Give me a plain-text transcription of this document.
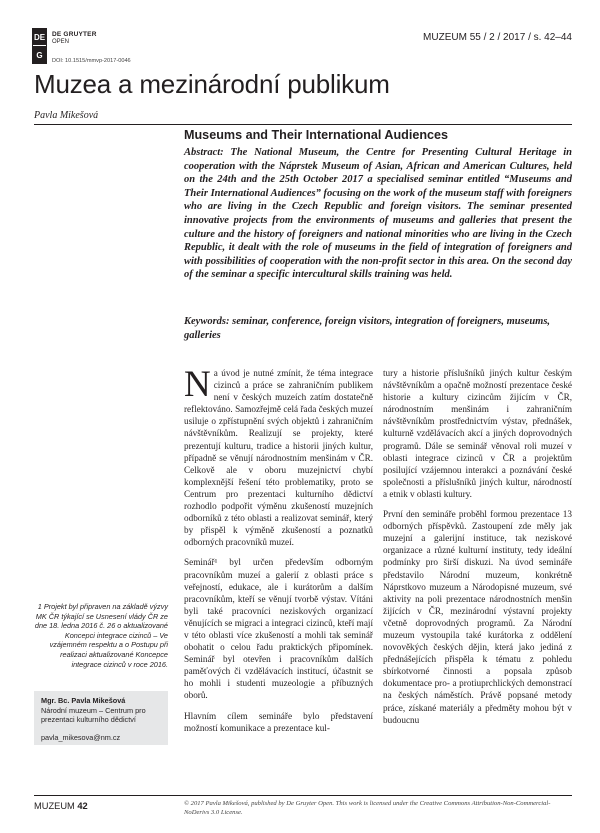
DE
G
DE GRUYTER
OPEN
DOI: 10.1515/mmvp-2017-0046
MUZEUM 55 / 2 / 2017 / s. 42–44
Muzea a mezinárodní publikum
Pavla Mikešová
Museums and Their International Audiences

Abstract: The National Museum, the Centre for Presenting Cultural Heritage in cooperation with the Náprstek Museum of Asian, African and American Cultures, held on the 24th and the 25th October 2017 a specialised seminar entitled “Museums and Their International Audiences” focusing on the work of the museum staff with foreigners who are living in the Czech Republic and foreign visitors. The seminar presented innovative projects from the environments of museums and galleries that present the culture and the history of foreigners and national minorities who are living in the Czech Republic, it dealt with the role of museums in the field of integration of foreigners and with possibilities of cooperation with the non-profit sector in this area. On the second day of the seminar a specific intercultural skills training was held.

Keywords: seminar, conference, foreign visitors, integration of foreigners, museums, galleries

Na úvod je nutné zmínit, že téma integrace cizinců a práce se zahraničním publikem není v českých muzeích zatím dostatečně reflektováno. Samozřejmě celá řada českých muzeí usiluje o zpřístupnění svých objektů i zahraničním návštěvníkům. Realizují se projekty, které prezentují kulturu, tradice a historii jiných kultur, případně se věnují národnostním menšinám v ČR. Celkově ale v oboru muzejnictví chybí komplexnější řešení této problematiky, proto se Centrum pro prezentaci kulturního dědictví rozhodlo podpořit výměnu zkušeností muzejních odborníků z této oblasti a realizovat seminář, který by přispěl k výměně zkušeností a poznatků odborných pracovníků muzeí.

Seminář¹ byl určen především odborným pracovníkům muzeí a galerií z oblasti práce s veřejností, edukace, ale i kurátorům a dalším pracovníkům, kteří se věnují tvorbě výstav. Vítáni byli také pracovníci neziskových organizací věnujících se migraci a integraci cizinců, kteří mají v této oblasti více zkušeností a mohli tak seminář obohatit o celou řadu praktických připomínek. Seminář byl otevřen i pracovníkům dalších paměťových či vzdělávacích institucí, účastnit se ho mohli i studenti muzeologie a příbuzných oborů.

Hlavním cílem semináře bylo představení možností komunikace a prezentace kul-

tury a historie příslušníků jiných kultur českým návštěvníkům a opačně možností prezentace české historie a kultury cizincům žijícím v ČR, národnostním menšinám i zahraničním návštěvníkům prostřednictvím výstav, přednášek, kulturně vzdělávacích akcí a jiných doprovodných programů. Dále se seminář věnoval roli muzeí v oblasti integrace cizinců v ČR a projektům posilující vzájemnou interakci a poznávání české společnosti a příslušníků jiných kultur, národností a etnik v oblasti kultury.

První den semináře proběhl formou prezentace 13 odborných příspěvků. Zastoupení zde měly jak muzejní a galerijní instituce, tak neziskové organizace a různé kulturní instituty, tedy ideální podmínky pro širší diskuzi. Na úvod semináře představilo Národní muzeum, konkrétně Náprstkovo muzeum a Národopisné muzeum, své aktivity na poli prezentace národnostních menšin žijících v ČR, mezinárodní výstavní projekty včetně doprovodných programů. Za Národní muzeum vystoupila také kurátorka z oddělení novověkých českých dějin, která jako jediná z přednášejících přispěla k tématu z pohledu sbírkotvorné činnosti a popsala způsob dokumentace pro- a protiuprchlických demonstrací na českých náměstích. Právě popsané metody práce, získané materiály a předměty mohou být v budoucnu

1 Projekt byl připraven na základě výzvy MK ČR týkající se Usnesení vlády ČR ze dne 18. ledna 2016 č. 26 o aktualizované Koncepci integrace cizinců – Ve vzájemném respektu a o Postupu při realizaci aktualizované Koncepce integrace cizinců v roce 2016.
Mgr. Bc. Pavla Mikešová
Národní muzeum – Centrum pro prezentaci kulturního dědictví
pavla_mikesova@nm.cz
MUZEUM 42	© 2017 Pavla Mikešová, published by De Gruyter Open. This work is licensed under the Creative Commons Attribution-Non-Commercial-NoDerivs 3.0 License.
